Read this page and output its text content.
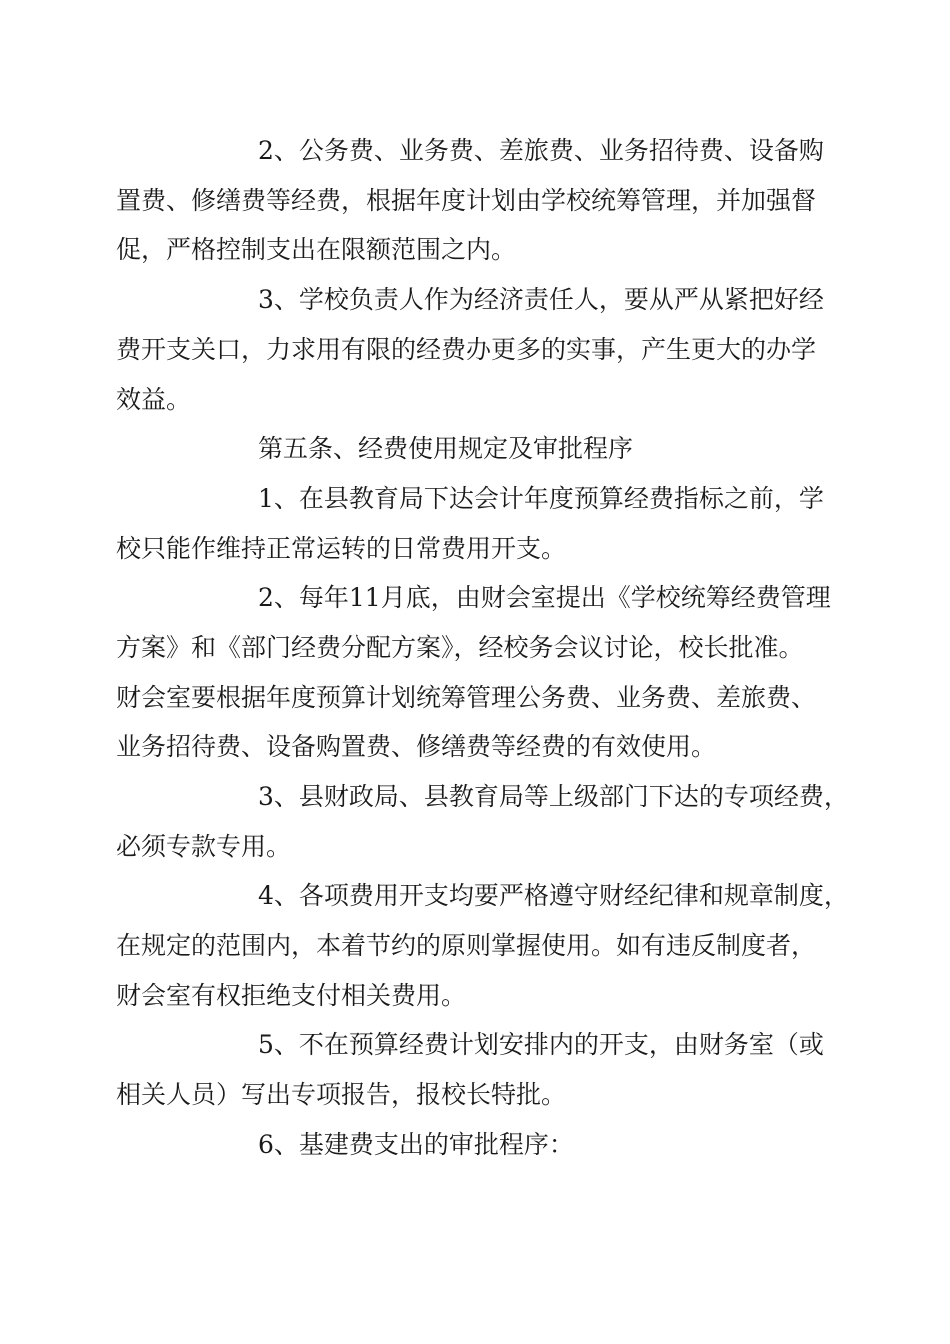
2、公务费、业务费、差旅费、业务招待费、设备购

置费、修缮费等经费，根据年度计划由学校统筹管理，并加强督

促，严格控制支出在限额范围之内。

3、学校负责人作为经济责任人，要从严从紧把好经

费开支关口，力求用有限的经费办更多的实事，产生更大的办学

效益。

第五条、经费使用规定及审批程序

1、在县教育局下达会计年度预算经费指标之前，学

校只能作维持正常运转的日常费用开支。

2、每年11月底，由财会室提出《学校统筹经费管理

方案》和《部门经费分配方案》，经校务会议讨论，校长批准。

财会室要根据年度预算计划统筹管理公务费、业务费、差旅费、

业务招待费、设备购置费、修缮费等经费的有效使用。

3、县财政局、县教育局等上级部门下达的专项经费，

必须专款专用。

4、各项费用开支均要严格遵守财经纪律和规章制度，

在规定的范围内，本着节约的原则掌握使用。如有违反制度者，

财会室有权拒绝支付相关费用。

5、不在预算经费计划安排内的开支，由财务室（或

相关人员）写出专项报告，报校长特批。

6、基建费支出的审批程序：
